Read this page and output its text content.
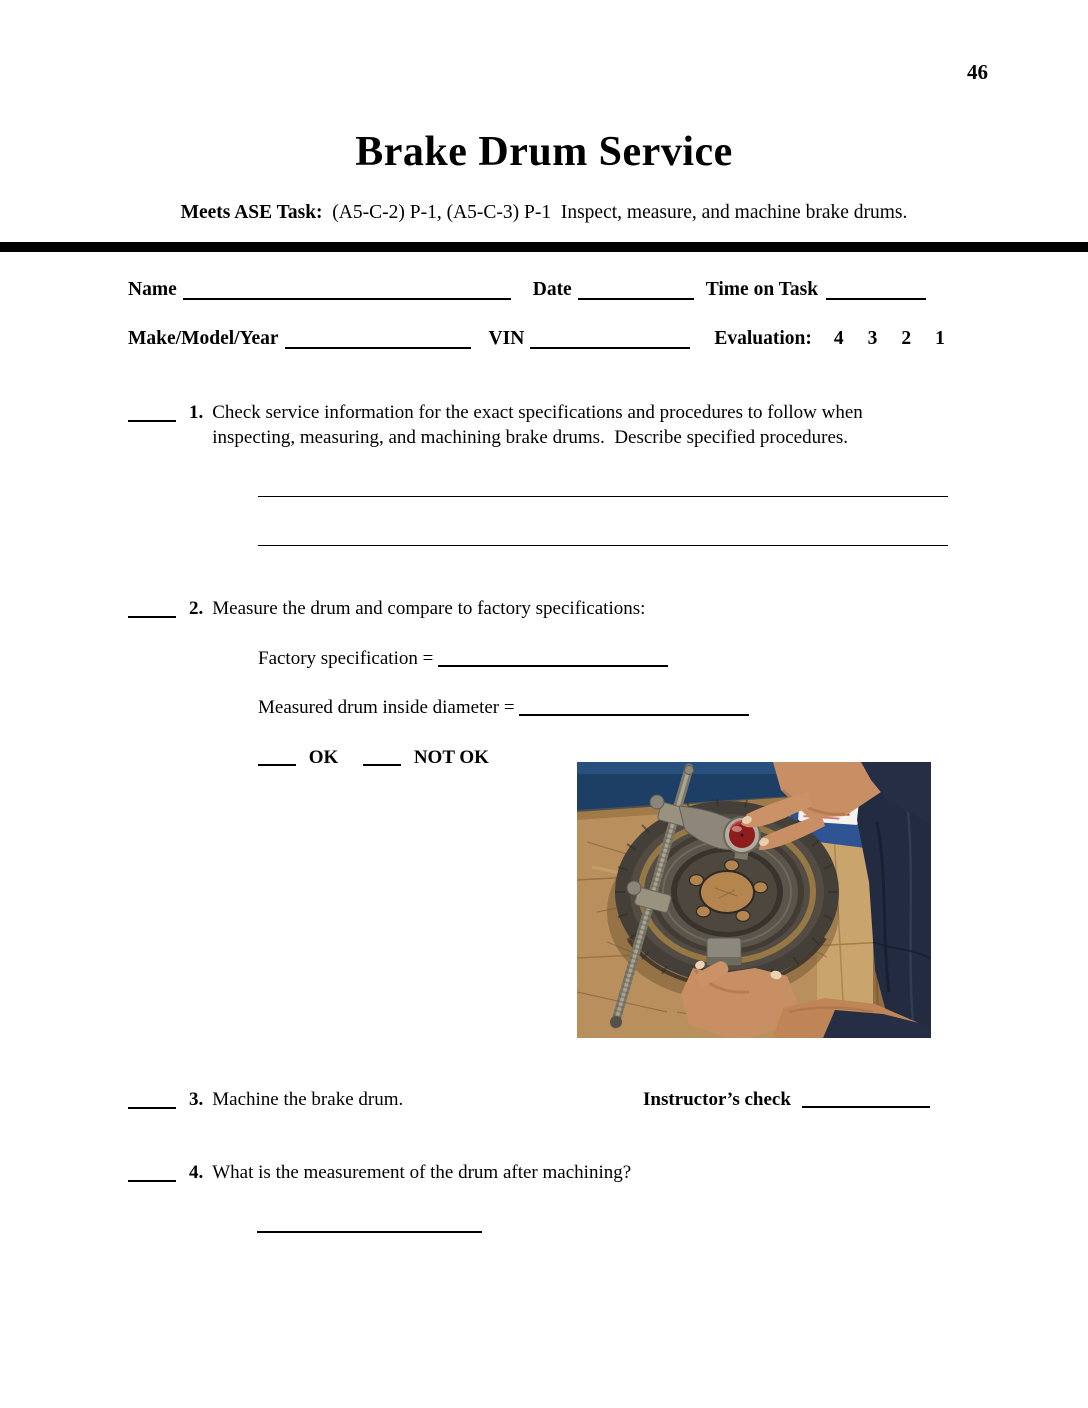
46
Brake Drum Service
Meets ASE Task:  (A5-C-2) P-1, (A5-C-3) P-1  Inspect, measure, and machine brake drums.
Name	Date	Time on Task
Make/Model/Year	VIN	Evaluation: 4 3 2 1
1. Check service information for the exact specifications and procedures to follow when inspecting, measuring, and machining brake drums.  Describe specified procedures.
2. Measure the drum and compare to factory specifications:
Factory specification =
Measured drum inside diameter =
OK	NOT OK
3. Machine the brake drum.	Instructor’s check
4. What is the measurement of the drum after machining?
